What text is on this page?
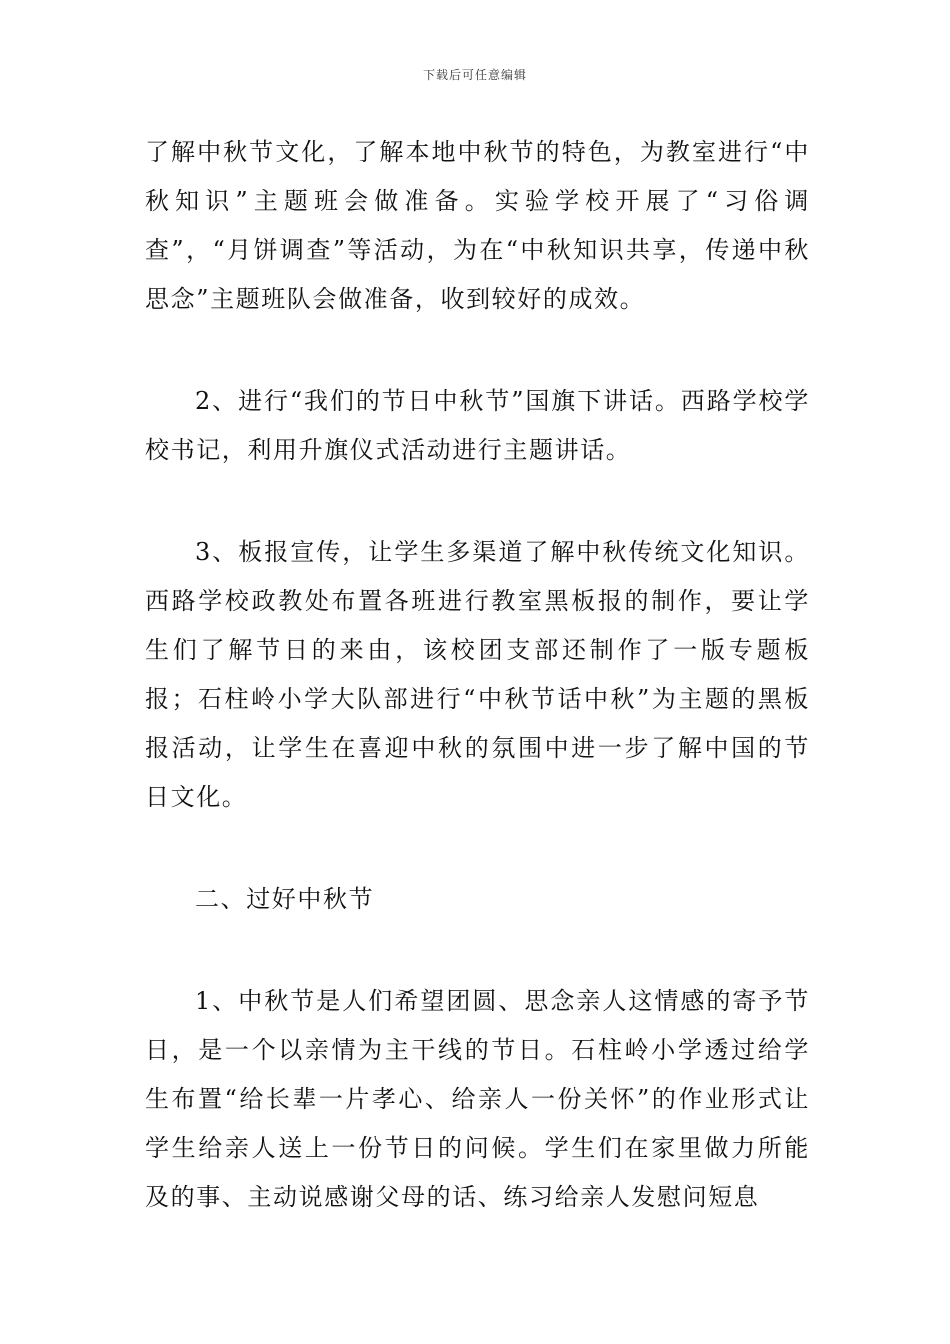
下载后可任意编辑

了解中秋节文化，了解本地中秋节的特色，为教室进行“中秋知识”主题班会做准备。实验学校开展了“习俗调查”，“月饼调查”等活动，为在“中秋知识共享，传递中秋思念”主题班队会做准备，收到较好的成效。

2、进行“我们的节日中秋节”国旗下讲话。西路学校学校书记，利用升旗仪式活动进行主题讲话。

3、板报宣传，让学生多渠道了解中秋传统文化知识。西路学校政教处布置各班进行教室黑板报的制作，要让学生们了解节日的来由，该校团支部还制作了一版专题板报；石柱岭小学大队部进行“中秋节话中秋”为主题的黑板报活动，让学生在喜迎中秋的氛围中进一步了解中国的节日文化。

二、过好中秋节

1、中秋节是人们希望团圆、思念亲人这情感的寄予节日，是一个以亲情为主干线的节日。石柱岭小学透过给学生布置“给长辈一片孝心、给亲人一份关怀”的作业形式让学生给亲人送上一份节日的问候。学生们在家里做力所能及的事、主动说感谢父母的话、练习给亲人发慰问短息
